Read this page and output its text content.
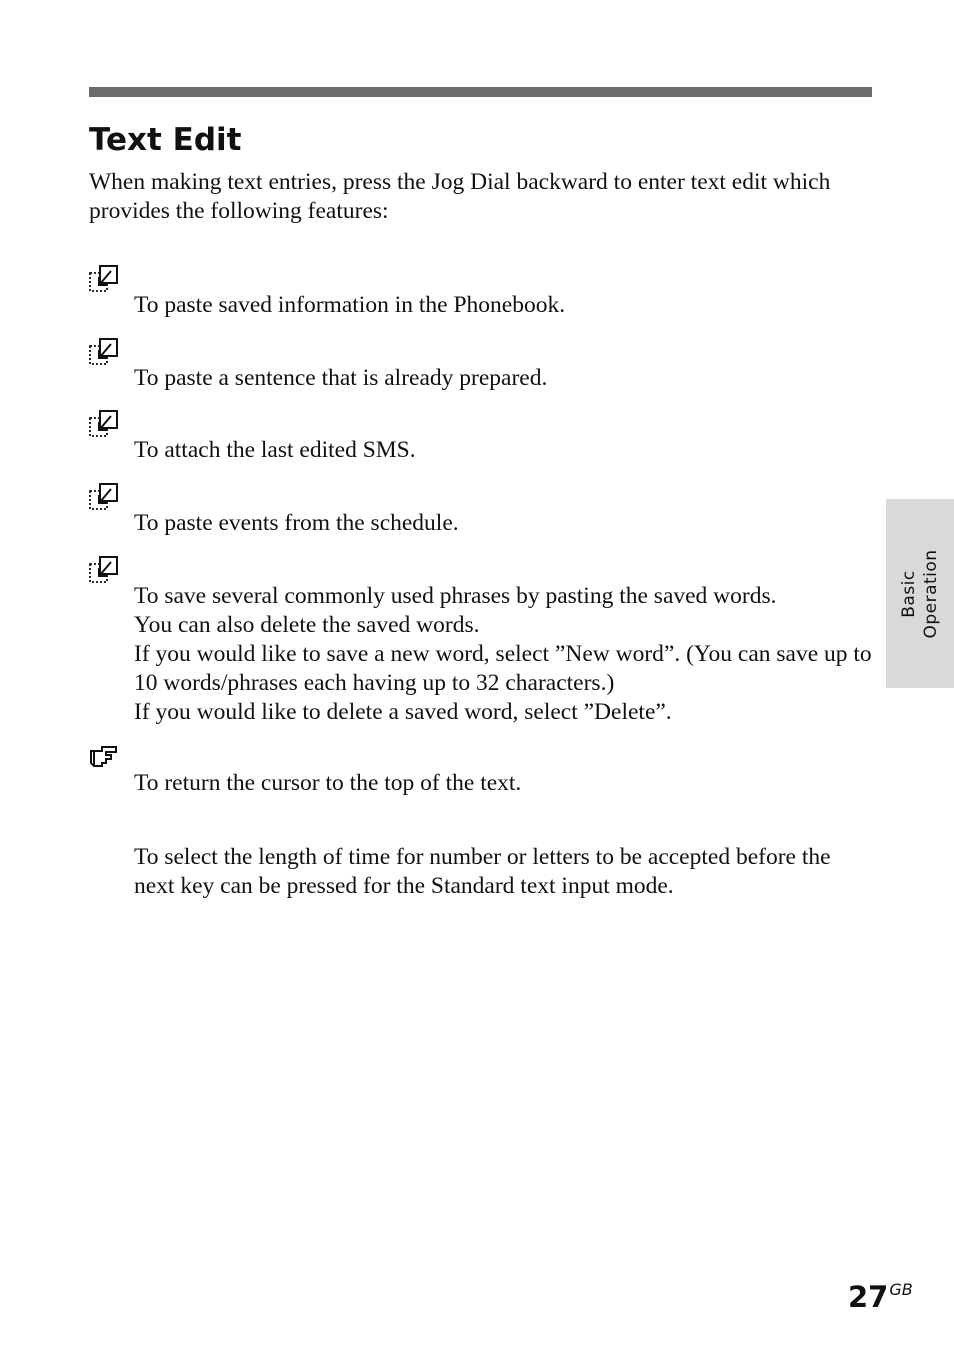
Text Edit
When making text entries, press the Jog Dial backward to enter text edit which provides the following features:

To paste saved information in the Phonebook.

To paste a sentence that is already prepared.

To attach the last edited SMS.

To paste events from the schedule.

To save several commonly used phrases by pasting the saved words.

You can also delete the saved words.

If you would like to save a new word, select ”New word”. (You can save up to 10 words/phrases each having up to 32 characters.)

If you would like to delete a saved word, select ”Delete”.

To return the cursor to the top of the text.

To select the length of time for number or letters to be accepted before the next key can be pressed for the Standard text input mode.

Basic Operation
$27^{GB}$
